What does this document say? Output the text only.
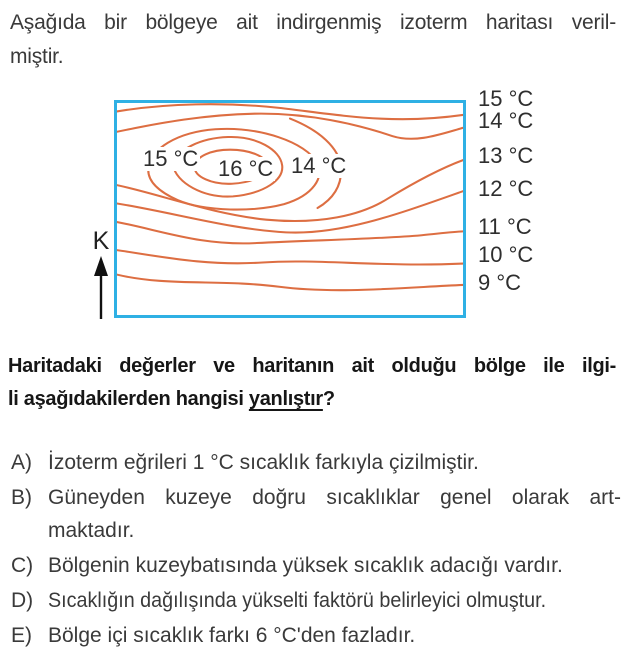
Aşağıda bir bölgeye ait indirgenmiş izoterm haritası veril-
miştir.
15 °C 16 °C 14 °C
K
15 °C
14 °C
13 °C
12 °C
11 °C
10 °C
9 °C
Haritadaki değerler ve haritanın ait olduğu bölge ile ilgi-
li aşağıdakilerden hangisi yanlıştır?
A) İzoterm eğrileri 1 °C sıcaklık farkıyla çizilmiştir.
B) Güneyden kuzeye doğru sıcaklıklar genel olarak art-
maktadır.
C) Bölgenin kuzeybatısında yüksek sıcaklık adacığı vardır.
D) Sıcaklığın dağılışında yükselti faktörü belirleyici olmuştur.
E) Bölge içi sıcaklık farkı 6 °C'den fazladır.
